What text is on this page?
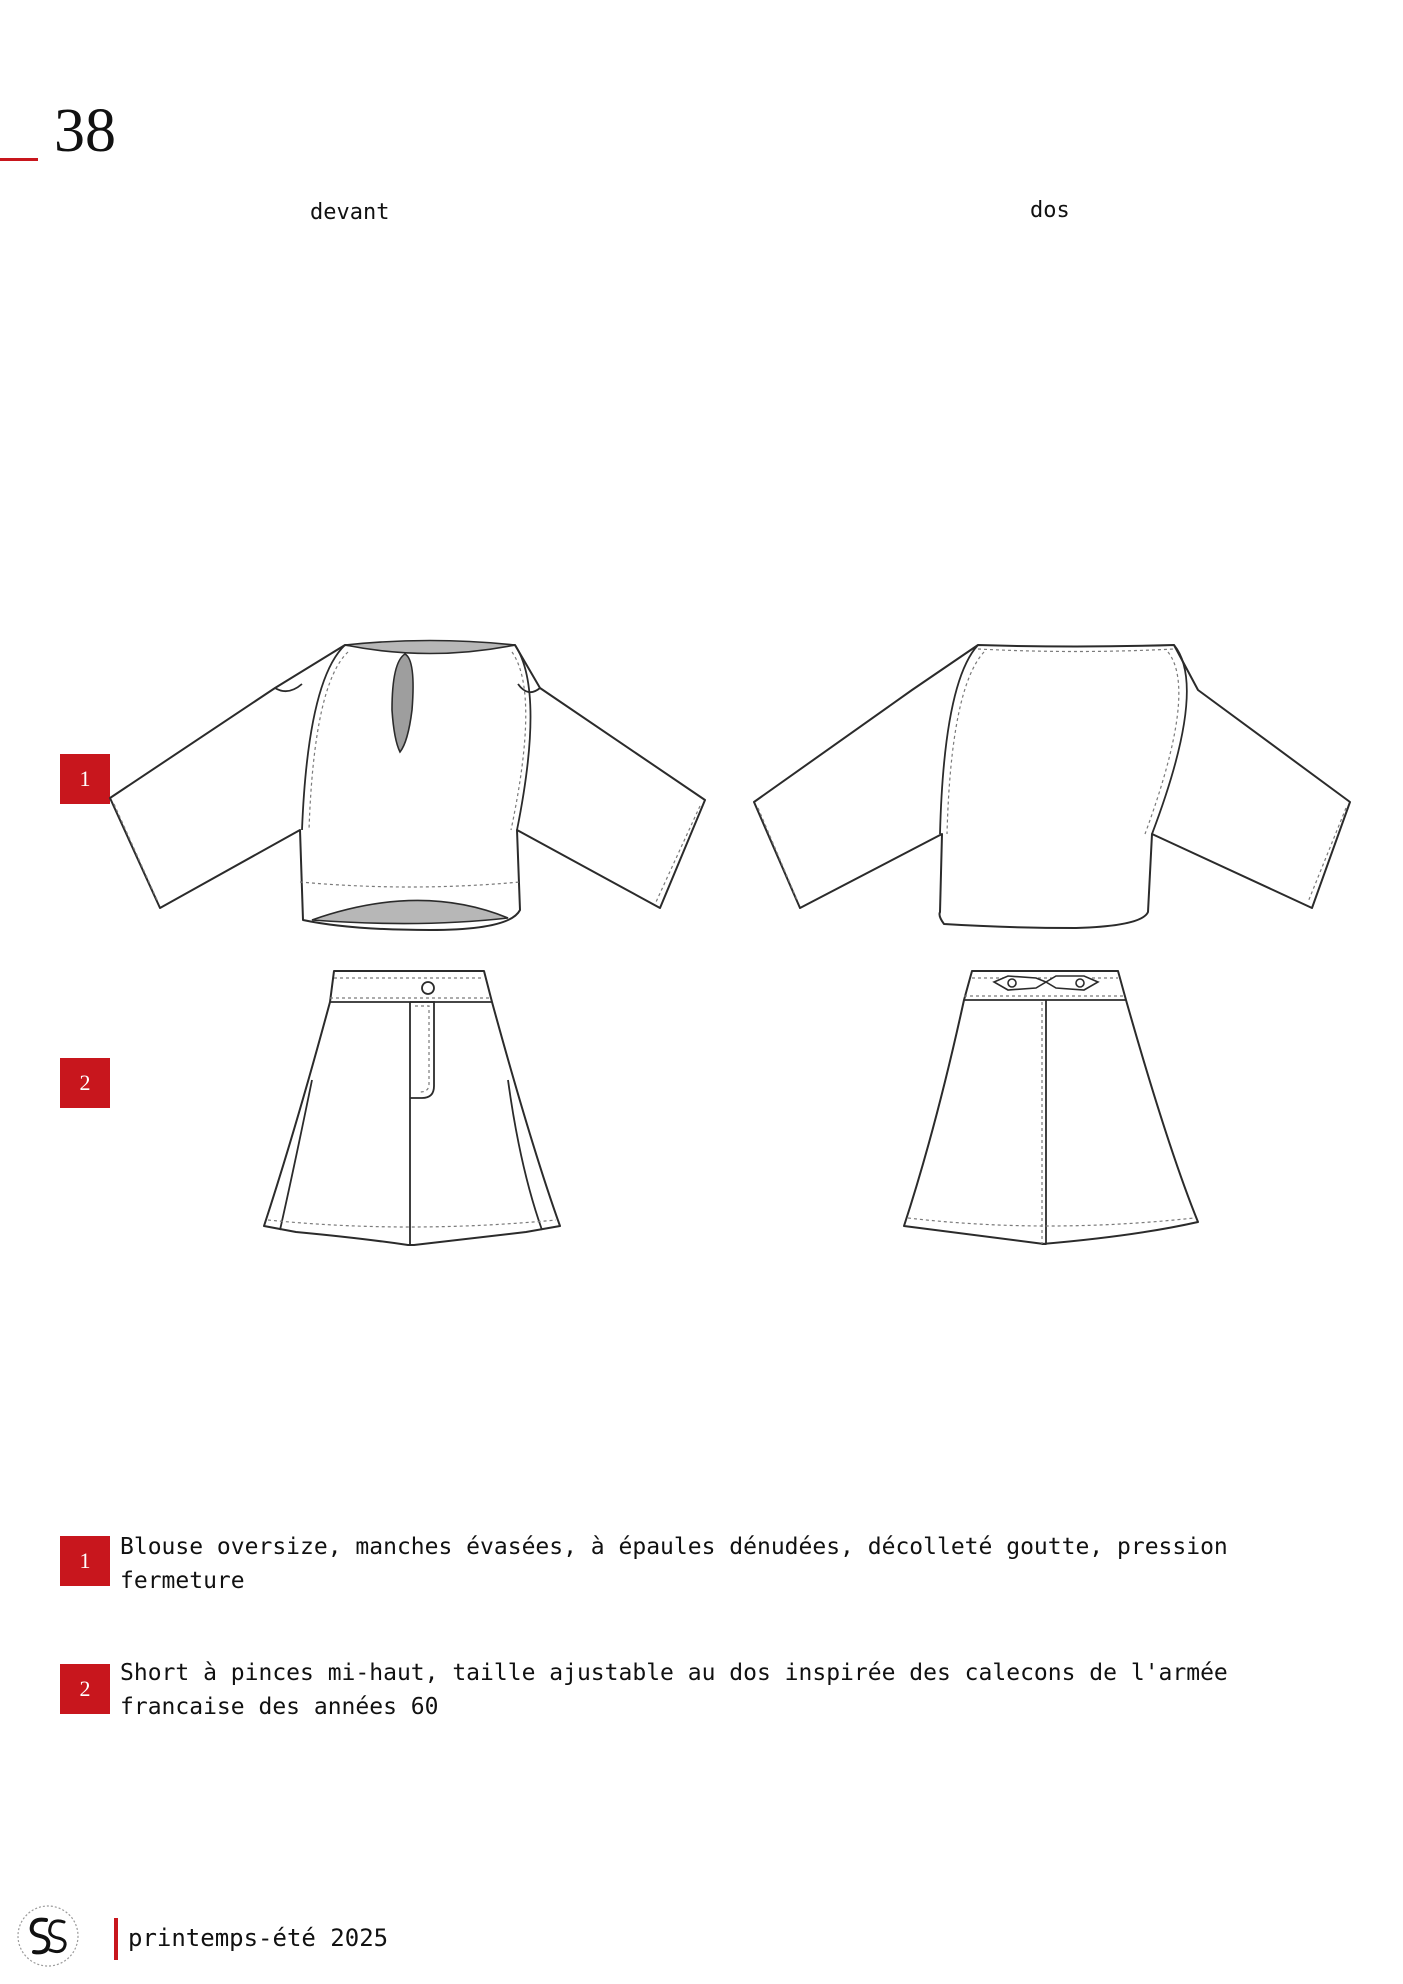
38
devant	dos
1
2
1
Blouse oversize, manches évasées, à épaules dénudées, décolleté goutte, pression fermeture
2
Short à pinces mi-haut, taille ajustable au dos inspirée des calecons de l'armée francaise des années 60
printemps-été 2025
